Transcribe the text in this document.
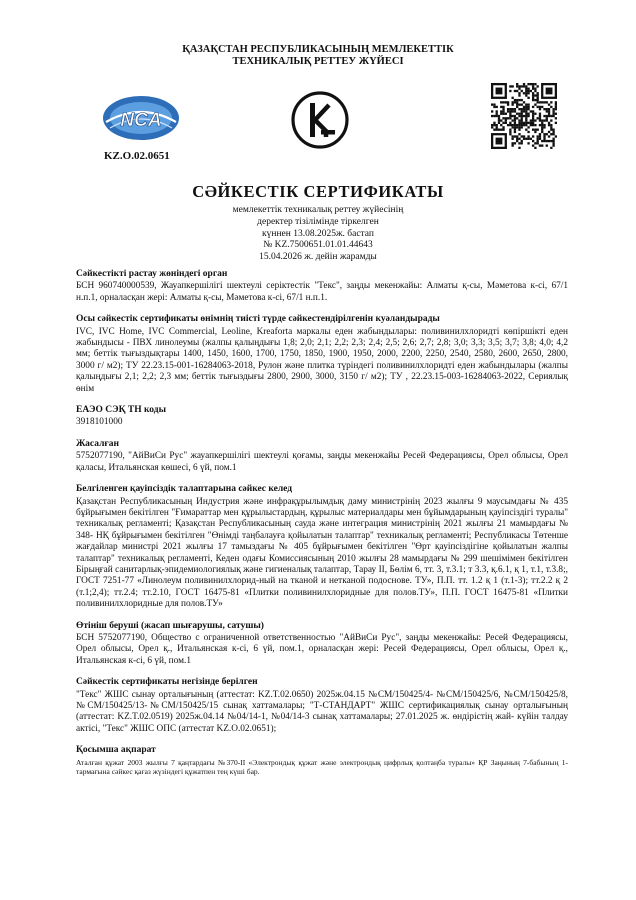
ҚАЗАҚСТАН РЕСПУБЛИКАСЫНЫҢ МЕМЛЕКЕТТІК
ТЕХНИКАЛЫҚ РЕТТЕУ ЖҮЙЕСІ
NCA
KZ.O.02.0651
СӘЙКЕСТІК СЕРТИФИКАТЫ
мемлекеттік техникалық реттеу жүйесінің
деректер тізілімінде тіркелген
күннен 13.08.2025ж. бастап
№ KZ.7500651.01.01.44643
15.04.2026 ж. дейін жарамды
Сәйкестікті растау жөніндегі орган
БСН 960740000539, Жауапкершілігі шектеулі серіктестік "Текс", заңды мекенжайы: Алматы қ-сы, Мәметова к-сі, 67/1 н.п.1, орналасқан жері: Алматы қ-сы, Мәметова к-сі, 67/1 н.п.1.
Осы сәйкестік сертификаты өнімнің тиісті түрде сәйкестендірілгенін куәландырады
IVC, IVC Home, IVC Commercial, Leoline, Kreaforta маркалы еден жабындылары: поливинилхлоридті көпіршікті еден жабындысы - ПВХ линолеумы (жалпы қалыңдығы 1,8; 2,0; 2,1; 2,2; 2,3; 2,4; 2,5; 2,6; 2,7; 2,8; 3,0; 3,3; 3,5; 3,7; 3,8; 4,0; 4,2 мм; беттік тығыздықтары 1400, 1450, 1600, 1700, 1750, 1850, 1900, 1950, 2000, 2200, 2250, 2540, 2580, 2600, 2650, 2800, 3000 г/ м2); ТУ 22.23.15-001-16284063-2018, Рулон және плитка түріндегі поливинилхлоридті еден жабындылары (жалпы қалыңдығы 2,1; 2,2; 2,3 мм; беттік тығыздығы 2800, 2900, 3000, 3150 г/ м2); ТУ , 22.23.15-003-16284063-2022, Сериялық өнім
ЕАЭО СЭҚ ТН коды
3918101000
Жасалған
5752077190, "АйВиСи Рус" жауапкершілігі шектеулі қоғамы, заңды мекенжайы Ресей Федерациясы, Орел облысы, Орел қаласы, Итальянская көшесі, 6 үй, пом.1
Белгіленген қауіпсіздік талаптарына сәйкес келед
Қазақстан Республикасының Индустрия және инфрақұрылымдық даму министрінің 2023 жылғы 9 маусымдағы № 435 бұйрығымен бекітілген "Ғимараттар мен құрылыстардың, құрылыс материалдары мен бұйымдарының қауіпсіздігі туралы" техникалық регламенті; Қазақстан Республикасының сауда және интеграция министрінің 2021 жылғы 21 мамырдағы № 348- НҚ бұйрығымен бекітілген "Өнімді таңбалауға қойылатын талаптар" техникалық регламенті; Республикасы Төтенше жағдайлар министрі 2021 жылғы 17 тамыздағы № 405 бұйрығымен бекітілген "Өрт қауіпсіздігіне қойылатын жалпы талаптар" техникалық регламенті, Кеден одағы Комиссиясының 2010 жылғы 28 мамырдағы № 299 шешімімен бекітілген Бірыңғай санитарлық-эпидемиологиялық және гигиеналық талаптар, Тарау II, Бөлім 6, тт. 3, т.3.1; т 3.3, қ.6.1, қ 1, т.1, т.3.8;, ГОСТ 7251-77 «Линолеум поливинилхлорид-ный на тканой и нетканой подоснове. ТУ», П.П. тт. 1.2 қ 1 (т.1-3); тт.2.2 қ 2 (т.1;2,4); тт.2.4; тт.2.10, ГОСТ 16475-81 «Плитки поливинилхлоридные для полов.ТУ», П.П. ГОСТ 16475-81 «Плитки поливинилхлоридные для полов.ТУ»
Өтініш беруші (жасап шығарушы, сатушы)
БСН 5752077190, Общество с ограниченной ответственностью "АйВиСи Рус", заңды мекенжайы: Ресей Федерациясы, Орел облысы, Орел қ., Итальянская к-сі, 6 үй, пом.1, орналасқан жері: Ресей Федерациясы, Орел облысы, Орел қ., Итальянская к-сі, 6 үй, пом.1
Сәйкестік сертификаты негізінде берілген
"Текс" ЖШС сынау орталығының (аттестат: KZ.T.02.0650) 2025ж.04.15 №СМ/150425/4- №СМ/150425/6, №СМ/150425/8, №СМ/150425/13-№СМ/150425/15 сынақ хаттамалары; "Т-СТАНДАРТ" ЖШС сертификациялық сынау орталығының (аттестат: KZ.T.02.0519) 2025ж.04.14 №04/14-1, №04/14-3 сынақ хаттамалары; 27.01.2025 ж. өндірістің жай- күйін талдау актісі, "Текс" ЖШС ОПС (аттестат KZ.O.02.0651);
Қосымша ақпарат
Аталған құжат 2003 жылғы 7 қаңтардағы №370-II «Электрондық құжат және электрондық цифрлық қолтаңба туралы» ҚР Заңының 7-бабының 1-тармағына сәйкес қағаз жүзіндегі құжатпен тең күші бар.
